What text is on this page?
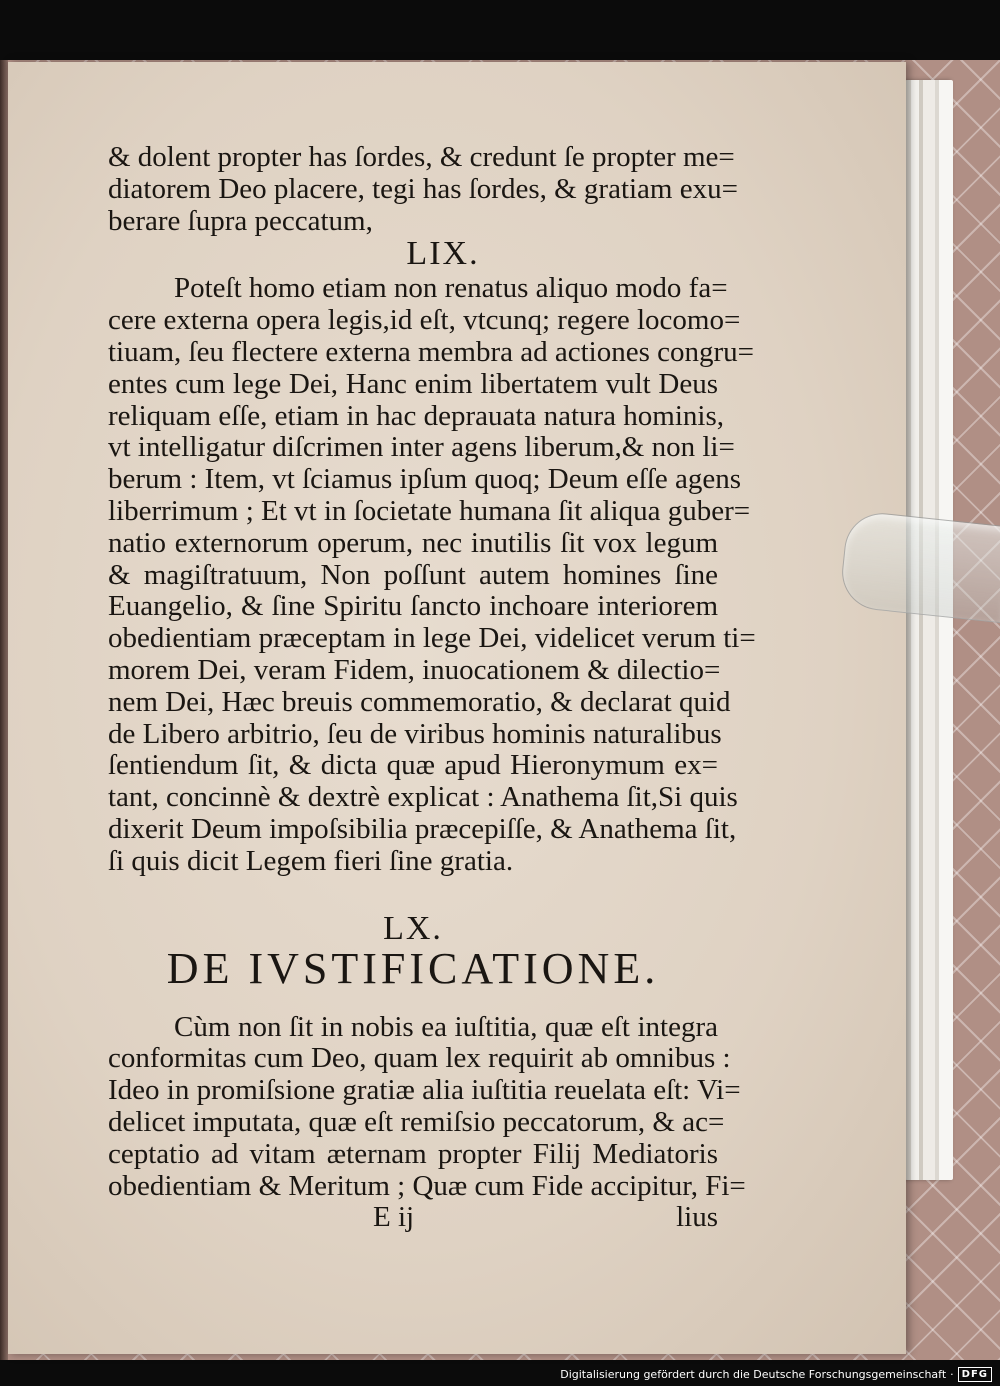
& dolent propter has ſordes, & credunt ſe propter me=
diatorem Deo placere, tegi has ſordes, & gratiam exu=
berare ſupra peccatum,
LIX.
Poteſt homo etiam non renatus aliquo modo fa=
cere externa opera legis,id eſt, vtcunq; regere locomo=
tiuam, ſeu flectere externa membra ad actiones congru=
entes cum lege Dei, Hanc enim libertatem vult Deus
reliquam eſſe, etiam in hac deprauata natura hominis,
vt intelligatur diſcrimen inter agens liberum,& non li=
berum : Item, vt ſciamus ipſum quoq; Deum eſſe agens
liberrimum ; Et vt in ſocietate humana ſit aliqua guber=
natio externorum operum, nec inutilis ſit vox legum
& magiſtratuum, Non poſſunt autem homines ſine
Euangelio, & ſine Spiritu ſancto inchoare interiorem
obedientiam præceptam in lege Dei, videlicet verum ti=
morem Dei, veram Fidem, inuocationem & dilectio=
nem Dei, Hæc breuis commemoratio, & declarat quid
de Libero arbitrio, ſeu de viribus hominis naturalibus
ſentiendum ſit, & dicta quæ apud Hieronymum ex=
tant, concinnè & dextrè explicat : Anathema ſit,Si quis
dixerit Deum impoſsibilia præcepiſſe, & Anathema ſit,
ſi quis dicit Legem fieri ſine gratia.
LX.
DE IVSTIFICATIONE.
Cùm non ſit in nobis ea iuſtitia, quæ eſt integra
conformitas cum Deo, quam lex requirit ab omnibus :
Ideo in promiſsione gratiæ alia iuſtitia reuelata eſt: Vi=
delicet imputata, quæ eſt remiſsio peccatorum, & ac=
ceptatio ad vitam æternam propter Filij Mediatoris
obedientiam & Meritum ; Quæ cum Fide accipitur, Fi=
E ij	lius
Digitalisierung gefördert durch die Deutsche Forschungsgemeinschaft · DFG
